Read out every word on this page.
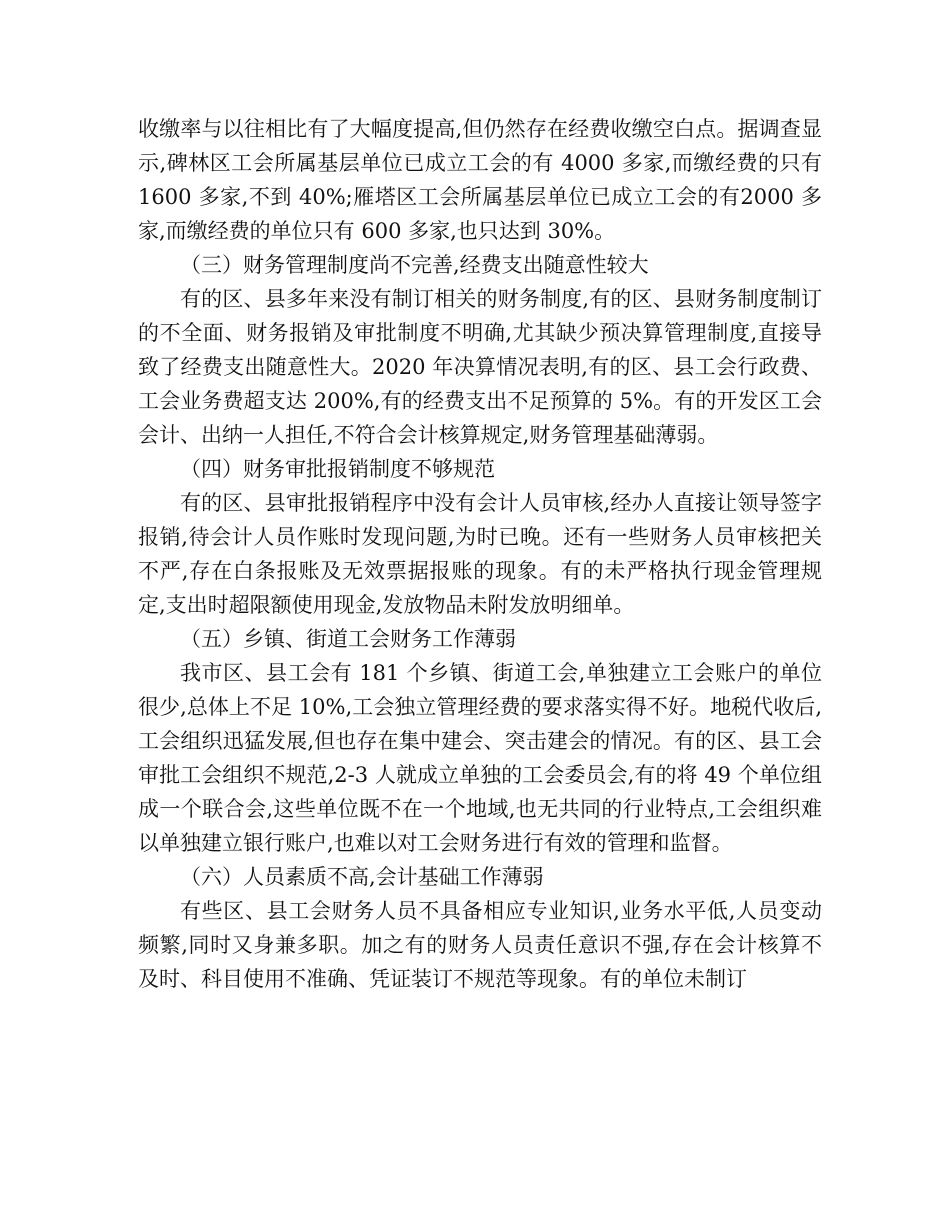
收缴率与以往相比有了大幅度提高,但仍然存在经费收缴空白点。据调查显示,碑林区工会所属基层单位已成立工会的有 4000 多家,而缴经费的只有 1600 多家,不到 40%;雁塔区工会所属基层单位已成立工会的有2000 多家,而缴经费的单位只有 600 多家,也只达到 30%。

（三）财务管理制度尚不完善,经费支出随意性较大

有的区、县多年来没有制订相关的财务制度,有的区、县财务制度制订的不全面、财务报销及审批制度不明确,尤其缺少预决算管理制度,直接导致了经费支出随意性大。2020 年决算情况表明,有的区、县工会行政费、工会业务费超支达 200%,有的经费支出不足预算的 5%。有的开发区工会会计、出纳一人担任,不符合会计核算规定,财务管理基础薄弱。

（四）财务审批报销制度不够规范

有的区、县审批报销程序中没有会计人员审核,经办人直接让领导签字报销,待会计人员作账时发现问题,为时已晚。还有一些财务人员审核把关不严,存在白条报账及无效票据报账的现象。有的未严格执行现金管理规定,支出时超限额使用现金,发放物品未附发放明细单。

（五）乡镇、街道工会财务工作薄弱

我市区、县工会有 181 个乡镇、街道工会,单独建立工会账户的单位很少,总体上不足 10%,工会独立管理经费的要求落实得不好。地税代收后,工会组织迅猛发展,但也存在集中建会、突击建会的情况。有的区、县工会审批工会组织不规范,2-3 人就成立单独的工会委员会,有的将 49 个单位组成一个联合会,这些单位既不在一个地域,也无共同的行业特点,工会组织难以单独建立银行账户,也难以对工会财务进行有效的管理和监督。

（六）人员素质不高,会计基础工作薄弱

有些区、县工会财务人员不具备相应专业知识,业务水平低,人员变动频繁,同时又身兼多职。加之有的财务人员责任意识不强,存在会计核算不及时、科目使用不准确、凭证装订不规范等现象。有的单位未制订
